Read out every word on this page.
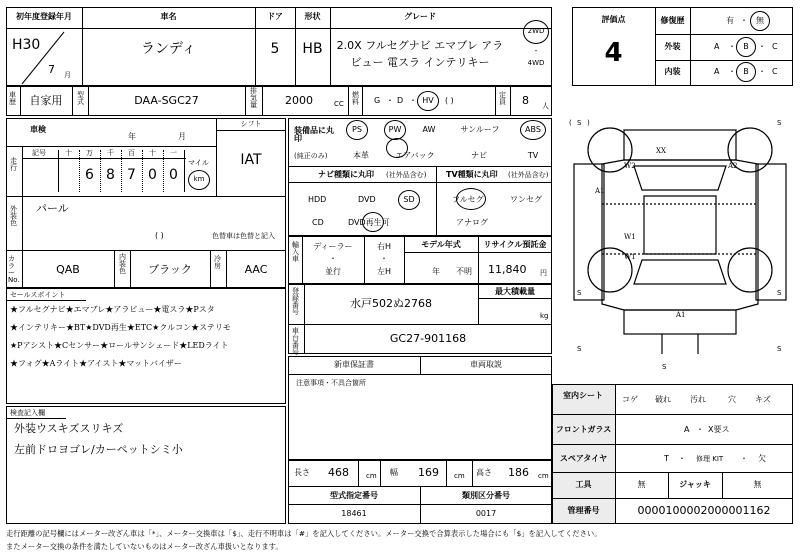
初年度登録年月	車名	ドア	形状	グレード
H30
7 月
ランディ	5	HB	2.0X フルセグナビ エマブレ アラ
ビュー 電スラ インテリキー
2WD
・
4WD
車歴	自家用	型式	DAA-SGC27
排気量	2000	CC
燃料 G ・ D ・ HV	( )
定員 8 人
車検
年	月
シフト
IAT
走行
記号	十	万	千	百	十	一
6 8 7 0 0
マイル
km
外装色
パール
( )	色替車は色替と記入
カラーNo.
QAB
内装色	ブラック
冷房	AAC
装備品に丸印
(純正のみ)
PS	PW	AW	サンルーフ	ABS
本革	エアバック	ナビ	TV
ナビ種類に丸印 (社外品含む)
HDD	DVD	SD
CD	DVD再生可
TV種類に丸印 (社外品含む)
フルセグ	ワンセグ
アナログ
輸入車
ディーラー
・
並行
右H
・
左H
モデル年式
年 不明
リサイクル預託金
11,840 円
セールスポイント
★フルセグナビ★エマブレ★アラビュー★電スラ★Pスタ
★インテリキー★BT★DVD再生★ETC★クルコン★ステリモ
★Pアシスト★Cセンサー★ロールサンシェード★LEDライト
★フォグ★Aライト★アイスト★マットバイザー
登録番号
水戸502ぬ2768
最大積載量
kg
車台番号
GC27-901168
新車保証書	車両取説
注意事項・不具合箇所
検査記入欄
外装ウスキズスリキズ
左前ドロヨゴレ/カーペットシミ小
長さ 468 cm 幅 169 cm 高さ 186 cm
型式指定番号
18461
類別区分番号
0017
評価点
4
修復歴	有 ・	無
外装	A ・ B	・ C
内装	A ・ B	・ C
S
( )	S
S	S
S	S
S
XX
W2	A2
A1
W1
W1
A1
室内シート	コゲ 破れ 汚れ	穴 キズ
フロントガラス	A ・ X要ス
スペアタイヤ	T ・ 修理 KIT ・ 欠
工具	無	ジャッキ	無
管理番号	0000100002000001162
走行距離の記号欄にはメーター改ざん車は「*」、メーター交換車は「$」、走行不明車は「#」を記入してください。メーター交換で合算表示した場合にも「$」を記入してください。
またメーター交換の条件を満たしていないものはメーター改ざん車扱いとなります。
